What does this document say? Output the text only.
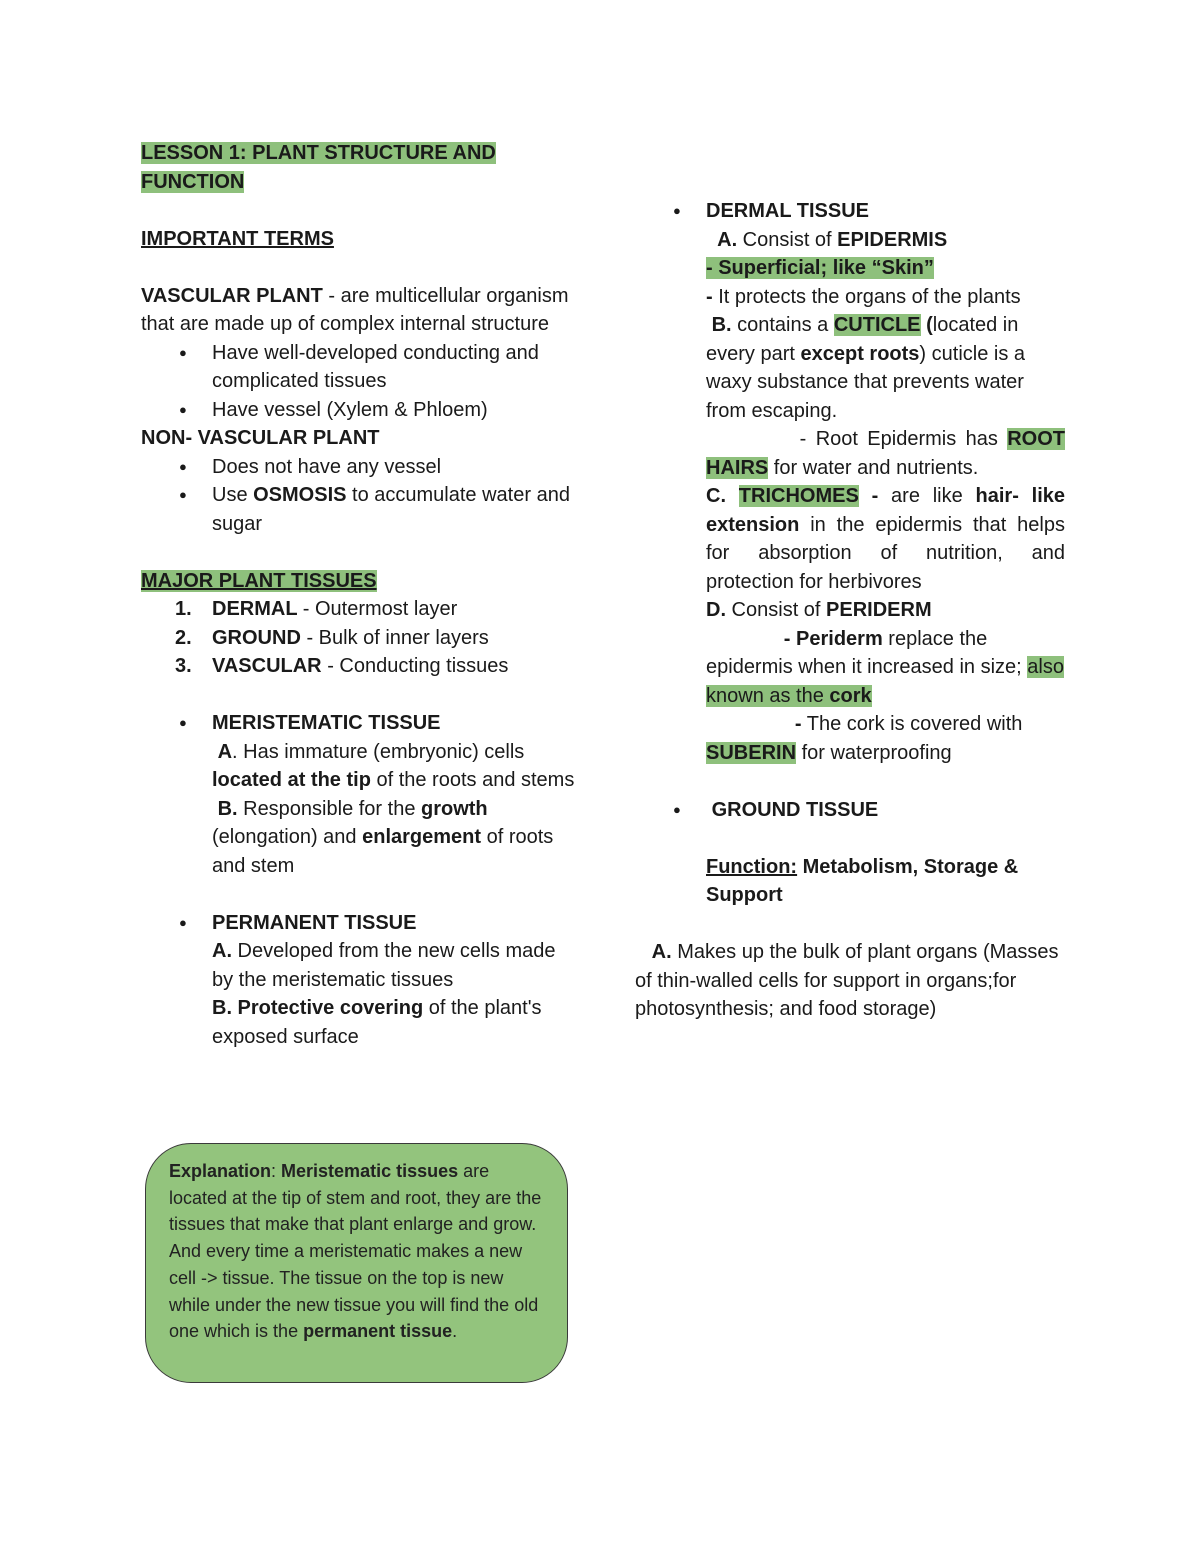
LESSON 1: PLANT STRUCTURE AND
FUNCTION

IMPORTANT TERMS

VASCULAR PLANT - are multicellular organism that are made up of complex internal structure

● Have well-developed conducting and complicated tissues
● Have vessel (Xylem & Phloem)

NON- VASCULAR PLANT

● Does not have any vessel
● Use OSMOSIS to accumulate water and sugar

MAJOR PLANT TISSUES

1. DERMAL - Outermost layer
2. GROUND - Bulk of inner layers
3. VASCULAR - Conducting tissues
● MERISTEMATIC TISSUE
A. Has immature (embryonic) cells located at the tip of the roots and stems
B. Responsible for the growth (elongation) and enlargement of roots and stem
● PERMANENT TISSUE
A. Developed from the new cells made by the meristematic tissues
B. Protective covering of the plant's exposed surface
Explanation: Meristematic tissues are located at the tip of stem and root, they are the tissues that make that plant enlarge and grow. And every time a meristematic makes a new cell -> tissue. The tissue on the top is new while under the new tissue you will find the old one which is the permanent tissue.
● DERMAL TISSUE
A. Consist of EPIDERMIS
- Superficial; like “Skin”
- It protects the organs of the plants
B. contains a CUTICLE (located in every part except roots) cuticle is a waxy substance that prevents water from escaping.
- Root Epidermis has ROOT HAIRS for water and nutrients.
C. TRICHOMES - are like hair- like extension in the epidermis that helps for absorption of nutrition, and protection for herbivores
D. Consist of PERIDERM
- Periderm replace the epidermis when it increased in size; also known as the cork
- The cork is covered with
SUBERIN for waterproofing
● GROUND TISSUE
Function: Metabolism, Storage & Support

A. Makes up the bulk of plant organs (Masses of thin-walled cells for support in organs;for photosynthesis; and food storage)
